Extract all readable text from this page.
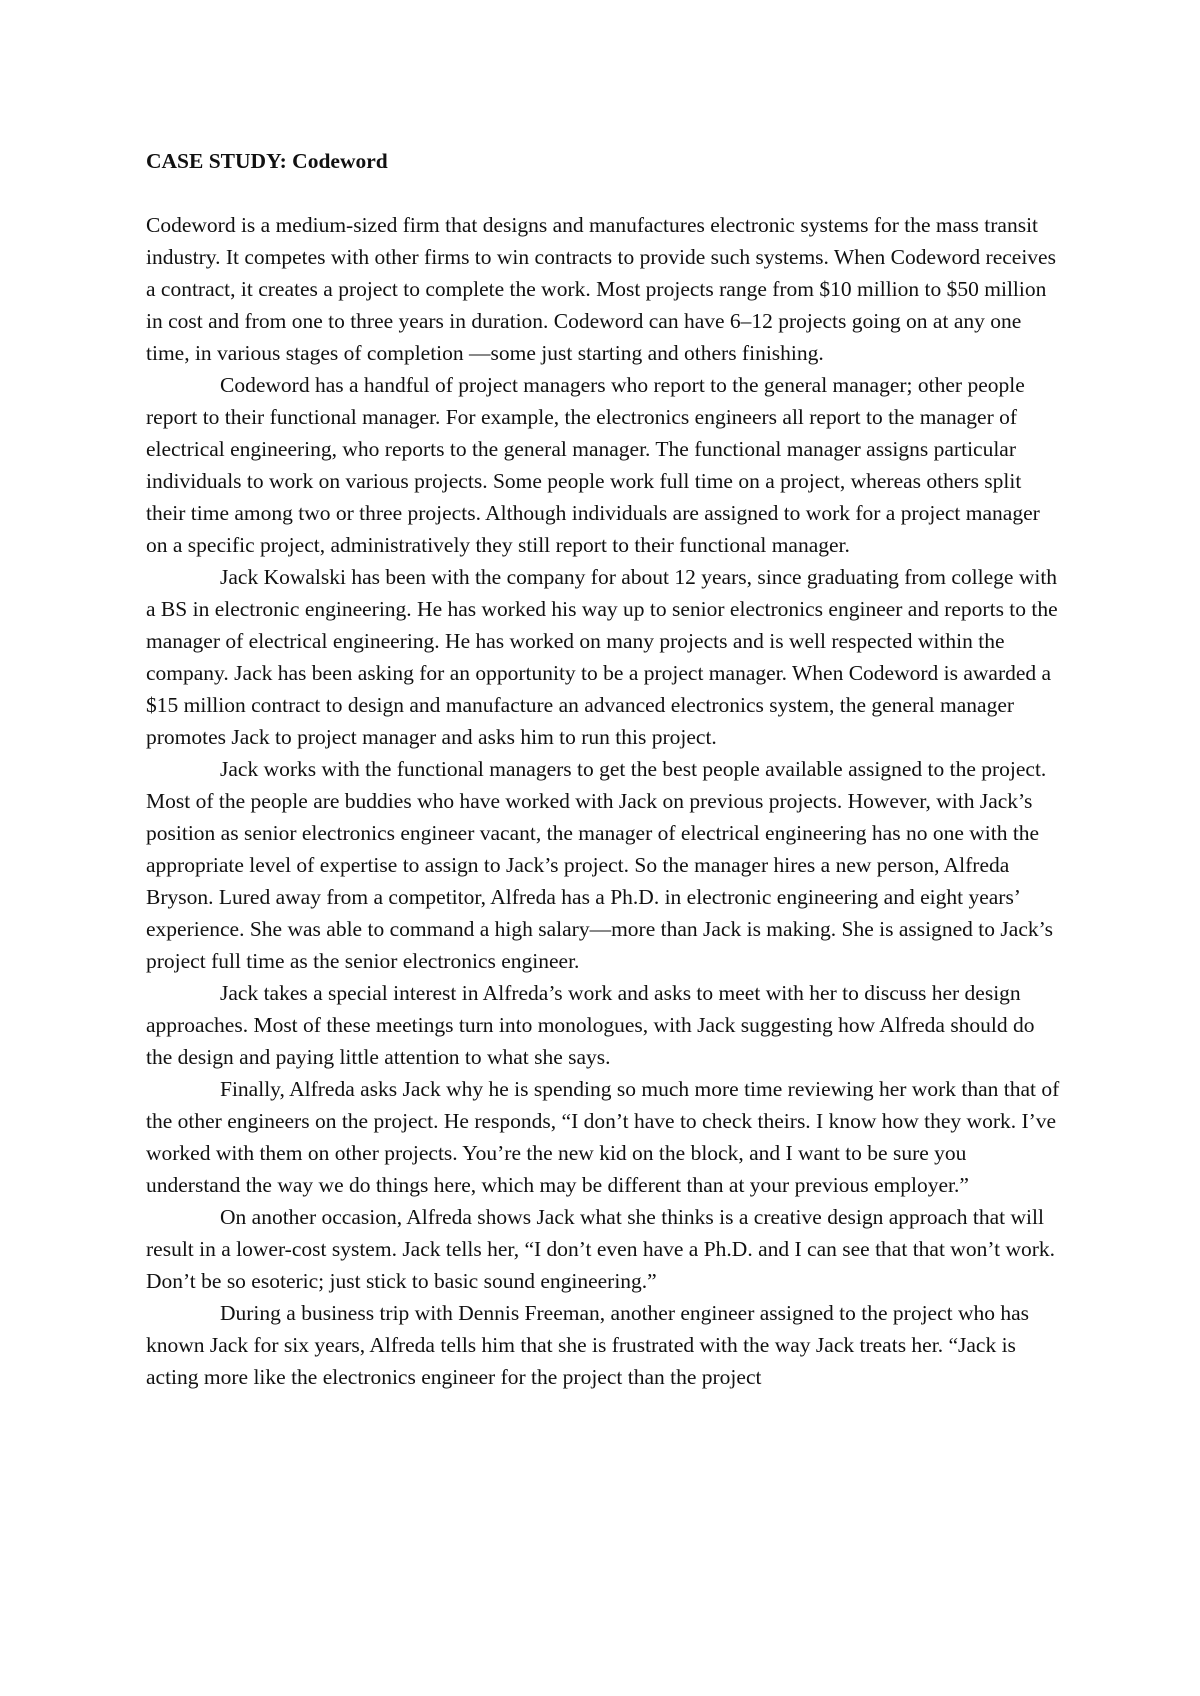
CASE STUDY: Codeword

Codeword is a medium-sized firm that designs and manufactures electronic systems for the mass transit industry. It competes with other firms to win contracts to provide such systems. When Codeword receives a contract, it creates a project to complete the work. Most projects range from $10 million to $50 million in cost and from one to three years in duration. Codeword can have 6–12 projects going on at any one time, in various stages of completion —some just starting and others finishing.

Codeword has a handful of project managers who report to the general manager; other people report to their functional manager. For example, the electronics engineers all report to the manager of electrical engineering, who reports to the general manager. The functional manager assigns particular individuals to work on various projects. Some people work full time on a project, whereas others split their time among two or three projects. Although individuals are assigned to work for a project manager on a specific project, administratively they still report to their functional manager.

Jack Kowalski has been with the company for about 12 years, since graduating from college with a BS in electronic engineering. He has worked his way up to senior electronics engineer and reports to the manager of electrical engineering. He has worked on many projects and is well respected within the company. Jack has been asking for an opportunity to be a project manager. When Codeword is awarded a $15 million contract to design and manufacture an advanced electronics system, the general manager promotes Jack to project manager and asks him to run this project.

Jack works with the functional managers to get the best people available assigned to the project. Most of the people are buddies who have worked with Jack on previous projects. However, with Jack’s position as senior electronics engineer vacant, the manager of electrical engineering has no one with the appropriate level of expertise to assign to Jack’s project. So the manager hires a new person, Alfreda Bryson. Lured away from a competitor, Alfreda has a Ph.D. in electronic engineering and eight years’ experience. She was able to command a high salary—more than Jack is making. She is assigned to Jack’s project full time as the senior electronics engineer.

Jack takes a special interest in Alfreda’s work and asks to meet with her to discuss her design approaches. Most of these meetings turn into monologues, with Jack suggesting how Alfreda should do the design and paying little attention to what she says.

Finally, Alfreda asks Jack why he is spending so much more time reviewing her work than that of the other engineers on the project. He responds, “I don’t have to check theirs. I know how they work. I’ve worked with them on other projects. You’re the new kid on the block, and I want to be sure you understand the way we do things here, which may be different than at your previous employer.”

On another occasion, Alfreda shows Jack what she thinks is a creative design approach that will result in a lower-cost system. Jack tells her, “I don’t even have a Ph.D. and I can see that that won’t work. Don’t be so esoteric; just stick to basic sound engineering.”

During a business trip with Dennis Freeman, another engineer assigned to the project who has known Jack for six years, Alfreda tells him that she is frustrated with the way Jack treats her. “Jack is acting more like the electronics engineer for the project than the project
